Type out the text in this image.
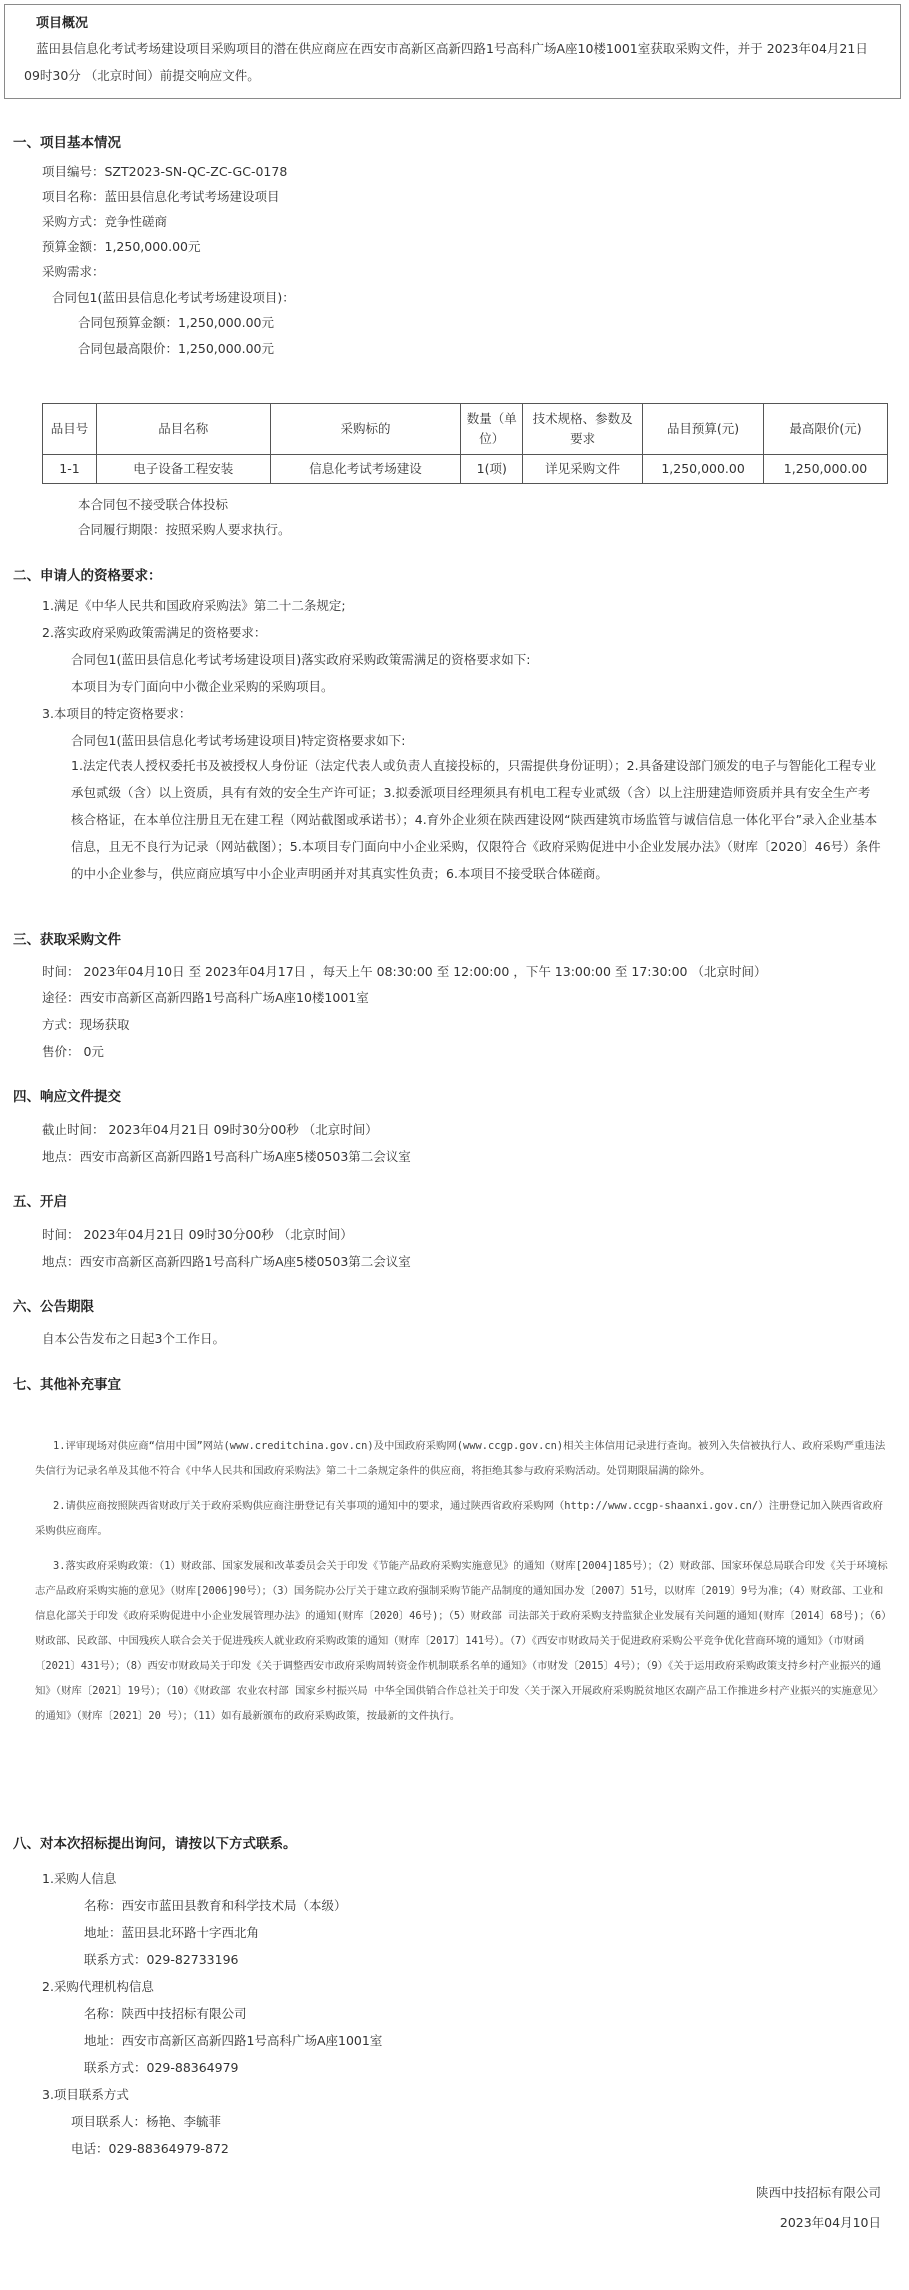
项目概况
蓝田县信息化考试考场建设项目采购项目的潜在供应商应在西安市高新区高新四路1号高科广场A座10楼1001室获取采购文件，并于 2023年04月21日 09时30分 （北京时间）前提交响应文件。
一、项目基本情况
项目编号：SZT2023-SN-QC-ZC-GC-0178
项目名称：蓝田县信息化考试考场建设项目
采购方式：竞争性磋商
预算金额：1,250,000.00元
采购需求：
合同包1(蓝田县信息化考试考场建设项目)：
合同包预算金额：1,250,000.00元
合同包最高限价：1,250,000.00元
品目号	品目名称	采购标的	数量（单位）	技术规格、参数及要求	品目预算(元)	最高限价(元)
1-1	电子设备工程安装	信息化考试考场建设	1(项)	详见采购文件	1,250,000.00	1,250,000.00
本合同包不接受联合体投标
合同履行期限：按照采购人要求执行。
二、申请人的资格要求：
1.满足《中华人民共和国政府采购法》第二十二条规定;
2.落实政府采购政策需满足的资格要求：
合同包1(蓝田县信息化考试考场建设项目)落实政府采购政策需满足的资格要求如下:
本项目为专门面向中小微企业采购的采购项目。
3.本项目的特定资格要求：
合同包1(蓝田县信息化考试考场建设项目)特定资格要求如下:
1.法定代表人授权委托书及被授权人身份证（法定代表人或负责人直接投标的，只需提供身份证明）；2.具备建设部门颁发的电子与智能化工程专业承包贰级（含）以上资质，具有有效的安全生产许可证；3.拟委派项目经理须具有机电工程专业贰级（含）以上注册建造师资质并具有安全生产考核合格证，在本单位注册且无在建工程（网站截图或承诺书）；4.育外企业须在陕西建设网“陕西建筑市场监管与诚信信息一体化平台”录入企业基本信息，且无不良行为记录（网站截图）；5.本项目专门面向中小企业采购，仅限符合《政府采购促进中小企业发展办法》（财库〔2020〕46号）条件的中小企业参与，供应商应填写中小企业声明函并对其真实性负责；6.本项目不接受联合体磋商。
三、获取采购文件
时间： 2023年04月10日 至 2023年04月17日 ，每天上午 08:30:00 至 12:00:00 ，下午 13:00:00 至 17:30:00 （北京时间）
途径：西安市高新区高新四路1号高科广场A座10楼1001室
方式：现场获取
售价： 0元
四、响应文件提交
截止时间： 2023年04月21日 09时30分00秒 （北京时间）
地点：西安市高新区高新四路1号高科广场A座5楼0503第二会议室
五、开启
时间： 2023年04月21日 09时30分00秒 （北京时间）
地点：西安市高新区高新四路1号高科广场A座5楼0503第二会议室
六、公告期限
自本公告发布之日起3个工作日。
七、其他补充事宜
1.评审现场对供应商“信用中国”网站(www.creditchina.gov.cn)及中国政府采购网(www.ccgp.gov.cn)相关主体信用记录进行查询。被列入失信被执行人、政府采购严重违法失信行为记录名单及其他不符合《中华人民共和国政府采购法》第二十二条规定条件的供应商，将拒绝其参与政府采购活动。处罚期限届满的除外。
2.请供应商按照陕西省财政厅关于政府采购供应商注册登记有关事项的通知中的要求，通过陕西省政府采购网（http://www.ccgp-shaanxi.gov.cn/）注册登记加入陕西省政府采购供应商库。
3.落实政府采购政策：（1）财政部、国家发展和改革委员会关于印发《节能产品政府采购实施意见》的通知（财库[2004]185号）；（2）财政部、国家环保总局联合印发《关于环境标志产品政府采购实施的意见》（财库[2006]90号）；（3）国务院办公厅关于建立政府强制采购节能产品制度的通知国办发〔2007〕51号，以财库〔2019〕9号为准；（4）财政部、工业和信息化部关于印发《政府采购促进中小企业发展管理办法》的通知(财库〔2020〕46号)；（5）财政部 司法部关于政府采购支持监狱企业发展有关问题的通知(财库〔2014〕68号)；（6）财政部、民政部、中国残疾人联合会关于促进残疾人就业政府采购政策的通知（财库〔2017〕141号）。（7）《西安市财政局关于促进政府采购公平竞争优化营商环境的通知》（市财函〔2021〕431号）；（8）西安市财政局关于印发《关于调整西安市政府采购周转资金作机制联系名单的通知》（市财发〔2015〕4号）；（9）《关于运用政府采购政策支持乡村产业振兴的通知》（财库〔2021〕19号）；（10）《财政部 农业农村部 国家乡村振兴局 中华全国供销合作总社关于印发〈关于深入开展政府采购脱贫地区农副产品工作推进乡村产业振兴的实施意见〉的通知》（财库〔2021〕20 号）；（11）如有最新颁布的政府采购政策，按最新的文件执行。
八、对本次招标提出询问，请按以下方式联系。
1.采购人信息
名称：西安市蓝田县教育和科学技术局（本级）
地址：蓝田县北环路十字西北角
联系方式：029-82733196
2.采购代理机构信息
名称：陕西中技招标有限公司
地址：西安市高新区高新四路1号高科广场A座1001室
联系方式：029-88364979
3.项目联系方式
项目联系人：杨艳、李毓菲
电话：029-88364979-872
陕西中技招标有限公司
2023年04月10日
